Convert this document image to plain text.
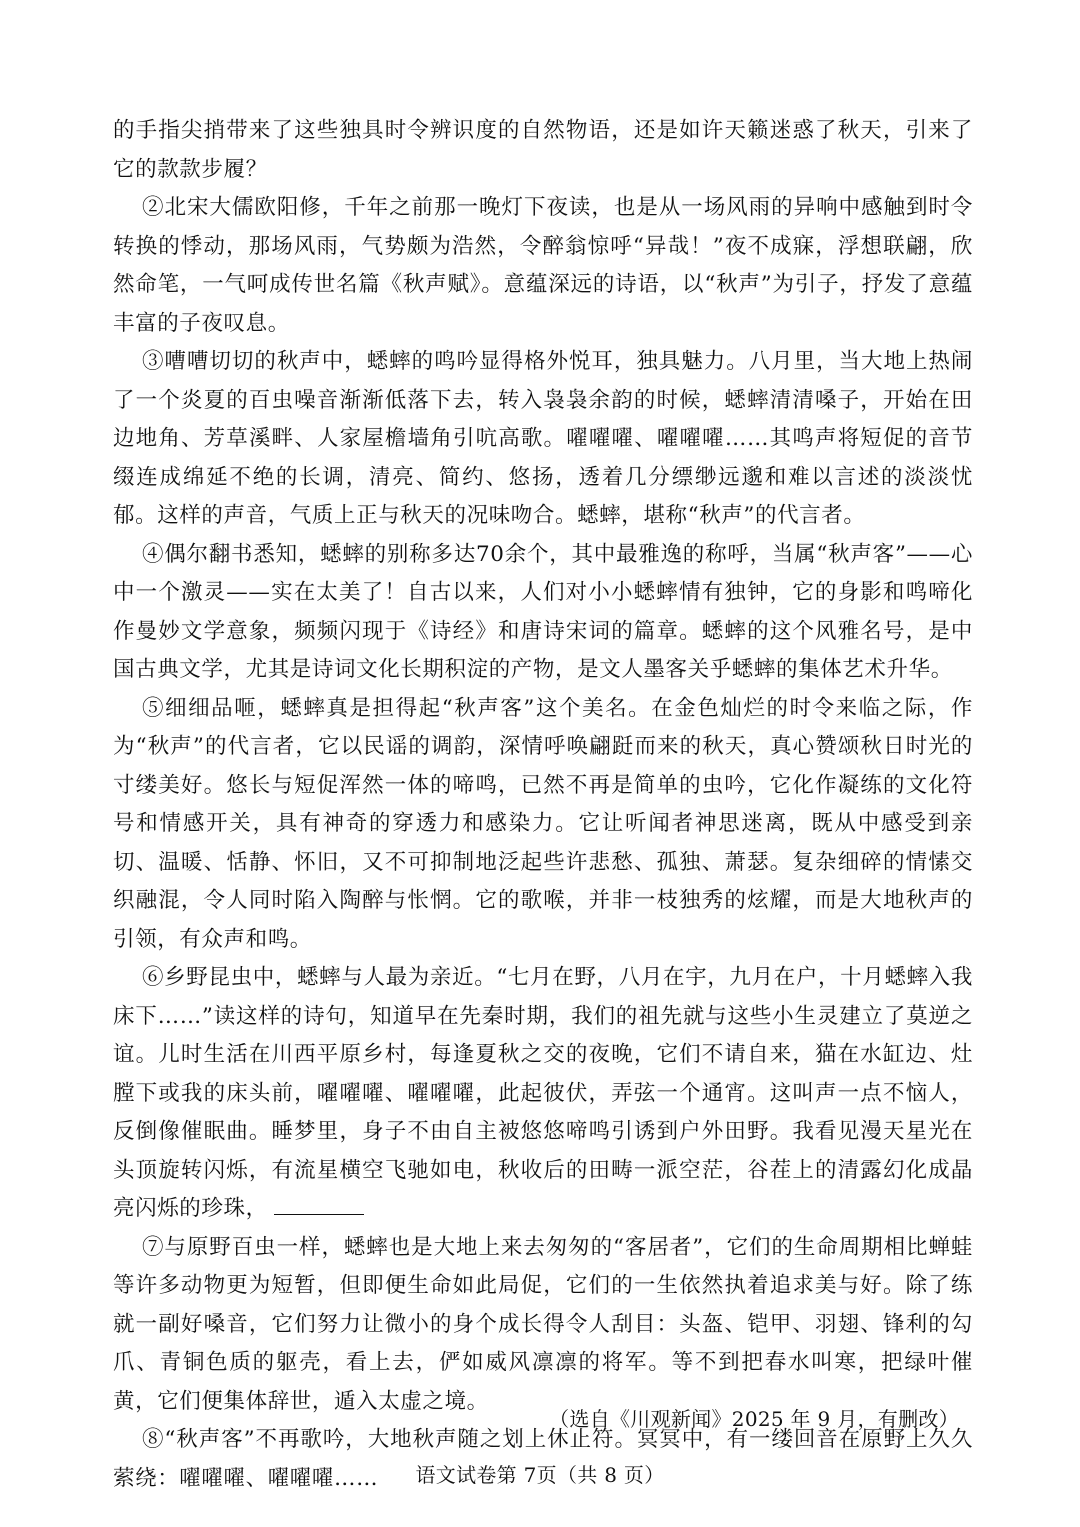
的手指尖捎带来了这些独具时令辨识度的自然物语，还是如许天籁迷惑了秋天，引来了它的款款步履？

②北宋大儒欧阳修，千年之前那一晚灯下夜读，也是从一场风雨的异响中感触到时令转换的悸动，那场风雨，气势颇为浩然，令醉翁惊呼“异哉！”夜不成寐，浮想联翩，欣然命笔，一气呵成传世名篇《秋声赋》。意蕴深远的诗语，以“秋声”为引子，抒发了意蕴丰富的子夜叹息。

③嘈嘈切切的秋声中，蟋蟀的鸣吟显得格外悦耳，独具魅力。八月里，当大地上热闹了一个炎夏的百虫噪音渐渐低落下去，转入袅袅余韵的时候，蟋蟀清清嗓子，开始在田边地角、芳草溪畔、人家屋檐墙角引吭高歌。嚁嚁嚁、嚁嚁嚁……其鸣声将短促的音节缀连成绵延不绝的长调，清亮、简约、悠扬，透着几分缥缈远邈和难以言述的淡淡忧郁。这样的声音，气质上正与秋天的况味吻合。蟋蟀，堪称“秋声”的代言者。

④偶尔翻书悉知，蟋蟀的别称多达70余个，其中最雅逸的称呼，当属“秋声客”——心中一个激灵——实在太美了！自古以来，人们对小小蟋蟀情有独钟，它的身影和鸣啼化作曼妙文学意象，频频闪现于《诗经》和唐诗宋词的篇章。蟋蟀的这个风雅名号，是中国古典文学，尤其是诗词文化长期积淀的产物，是文人墨客关乎蟋蟀的集体艺术升华。

⑤细细品咂，蟋蟀真是担得起“秋声客”这个美名。在金色灿烂的时令来临之际，作为“秋声”的代言者，它以民谣的调韵，深情呼唤翩跹而来的秋天，真心赞颂秋日时光的寸缕美好。悠长与短促浑然一体的啼鸣，已然不再是简单的虫吟，它化作凝练的文化符号和情感开关，具有神奇的穿透力和感染力。它让听闻者神思迷离，既从中感受到亲切、温暖、恬静、怀旧，又不可抑制地泛起些许悲愁、孤独、萧瑟。复杂细碎的情愫交织融混，令人同时陷入陶醉与怅惘。它的歌喉，并非一枝独秀的炫耀，而是大地秋声的引领，有众声和鸣。

⑥乡野昆虫中，蟋蟀与人最为亲近。“七月在野，八月在宇，九月在户，十月蟋蟀入我床下……”读这样的诗句，知道早在先秦时期，我们的祖先就与这些小生灵建立了莫逆之谊。儿时生活在川西平原乡村，每逢夏秋之交的夜晚，它们不请自来，猫在水缸边、灶膛下或我的床头前，嚁嚁嚁、嚁嚁嚁，此起彼伏，弄弦一个通宵。这叫声一点不恼人，反倒像催眠曲。睡梦里，身子不由自主被悠悠啼鸣引诱到户外田野。我看见漫天星光在头顶旋转闪烁，有流星横空飞驰如电，秋收后的田畴一派空茫，谷茬上的清露幻化成晶亮闪烁的珍珠，

⑦与原野百虫一样，蟋蟀也是大地上来去匆匆的“客居者”，它们的生命周期相比蝉蛙等许多动物更为短暂，但即便生命如此局促，它们的一生依然执着追求美与好。除了练就一副好嗓音，它们努力让微小的身个成长得令人刮目：头盔、铠甲、羽翅、锋利的勾爪、青铜色质的躯壳，看上去，俨如威风凛凛的将军。等不到把春水叫寒，把绿叶催黄，它们便集体辞世，遁入太虚之境。

⑧“秋声客”不再歌吟，大地秋声随之划上休止符。冥冥中，有一缕回音在原野上久久萦绕：嚁嚁嚁、嚁嚁嚁……

（选自《川观新闻》2025 年 9 月，有删改）
语文试卷第 7页（共 8 页）
